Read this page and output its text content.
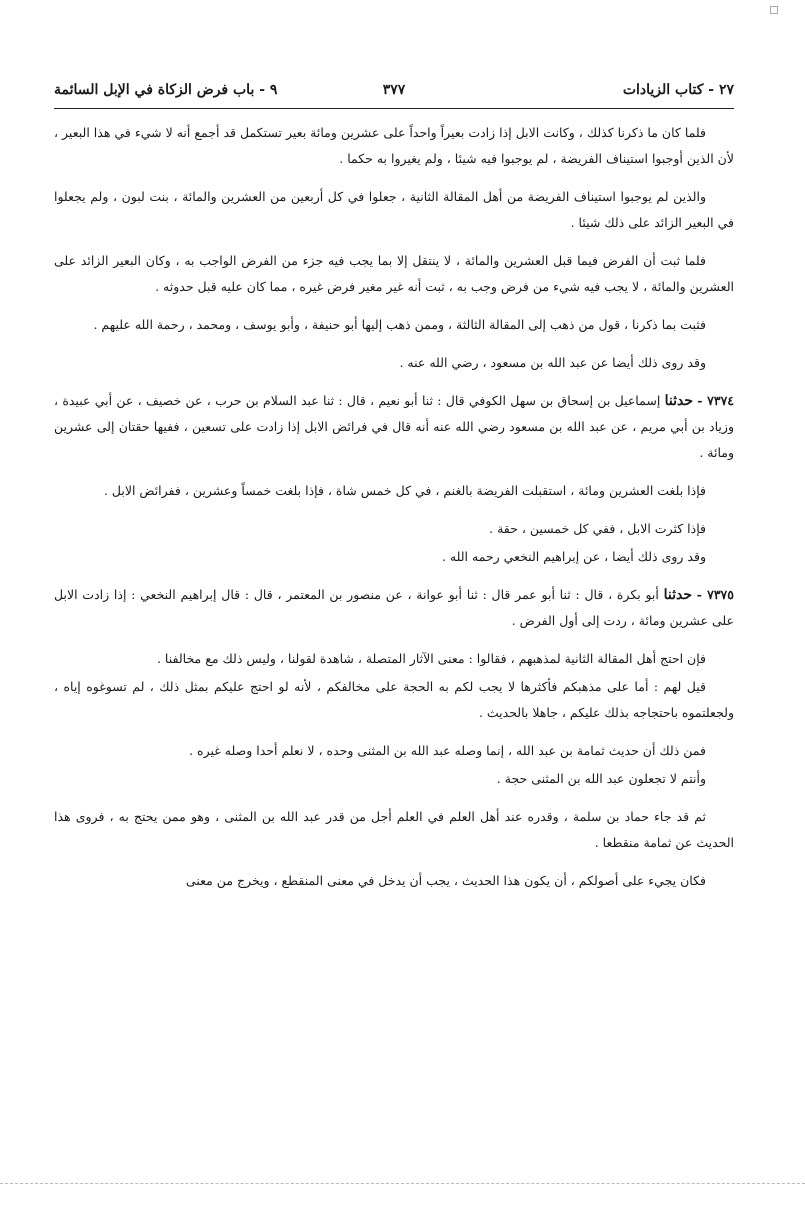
٢٧ - كتاب الزيادات
٣٧٧
٩ - باب فرض الزكاة في الإبل السائمة

فلما كان ما ذكرنا كذلك ، وكانت الابل إذا زادت بعيراً واحداً على عشرين ومائة بعير تستكمل قد أجمع أنه لا شيء في هذا البعير ، لأن الذين أوجبوا استيناف الفريضة ، لم يوجبوا فيه شيئا ، ولم يغيروا به حكما .

والذين لم يوجبوا استيناف الفريضة من أهل المقالة الثانية ، جعلوا في كل أربعين من العشرين والمائة ، بنت لبون ، ولم يجعلوا في البعير الزائد على ذلك شيئا .

فلما ثبت أن الفرض فيما قبل العشرين والمائة ، لا ينتقل إلا بما يجب فيه جزء من الفرض الواجب به ، وكان البعير الزائد على العشرين والمائة ، لا يجب فيه شيء من فرض وجب به ، ثبت أنه غير مغير فرض غيره ، مما كان عليه قبل حدوثه .

فثبت بما ذكرنا ، قول من ذهب إلى المقالة الثالثة ، وممن ذهب إليها أبو حنيفة ، وأبو يوسف ، ومحمد ، رحمة الله عليهم .

وقد روى ذلك أيضا عن عبد الله بن مسعود ، رضي الله عنه .

٧٣٧٤ - حدثنا إسماعيل بن إسحاق بن سهل الكوفي قال : ثنا أبو نعيم ، قال : ثنا عبد السلام بن حرب ، عن خصيف ، عن أبي عبيدة ، وزياد بن أبي مريم ، عن عبد الله بن مسعود رضي الله عنه أنه قال في فرائض الابل إذا زادت على تسعين ، ففيها حقتان إلى عشرين ومائة .

فإذا بلغت العشرين ومائة ، استقبلت الفريضة بالغنم ، في كل خمس شاة ، فإذا بلغت خمساً وعشرين ، ففرائض الابل .

فإذا كثرت الابل ، ففي كل خمسين ، حقة .

وقد روى ذلك أيضا ، عن إبراهيم النخعي رحمه الله .

٧٣٧٥ - حدثنا أبو بكرة ، قال : ثنا أبو عمر قال : ثنا أبو عوانة ، عن منصور بن المعتمر ، قال : قال إبراهيم النخعي : إذا زادت الابل على عشرين ومائة ، ردت إلى أول الفرض .

فإن احتج أهل المقالة الثانية لمذهبهم ، فقالوا : معنى الآثار المتصلة ، شاهدة لقولنا ، وليس ذلك مع مخالفنا .

قيل لهم : أما على مذهبكم فأكثرها لا يجب لكم به الحجة على مخالفكم ، لأنه لو احتج عليكم بمثل ذلك ، لم تسوغوه إياه ، ولجعلتموه باحتجاجه بذلك عليكم ، جاهلا بالحديث .

فمن ذلك أن حديث ثمامة بن عبد الله ، إنما وصله عبد الله بن المثنى وحده ، لا نعلم أحدا وصله غيره .

وأنتم لا تجعلون عبد الله بن المثنى حجة .

ثم قد جاء حماد بن سلمة ، وقدره عند أهل العلم في العلم أجل من قدر عبد الله بن المثنى ، وهو ممن يحتج به ، فروى هذا الحديث عن ثمامة منقطعا .

فكان يجيء على أصولكم ، أن يكون هذا الحديث ، يجب أن يدخل في معنى المنقطع ، ويخرج من معنى
